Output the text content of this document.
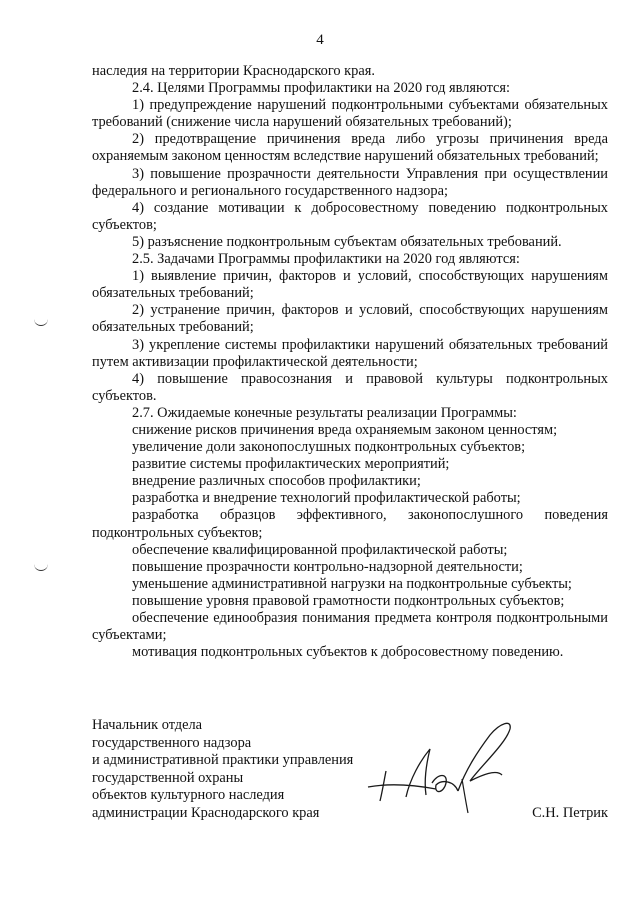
4

наследия на территории Краснодарского края.

2.4. Целями Программы профилактики на 2020 год являются:

1) предупреждение нарушений подконтрольными субъектами обязательных требований (снижение числа нарушений обязательных требований);

2) предотвращение причинения вреда либо угрозы причинения вреда охраняемым законом ценностям вследствие нарушений обязательных требований;

3) повышение прозрачности деятельности Управления при осуществлении федерального и регионального государственного надзора;

4) создание мотивации к добросовестному поведению подконтрольных субъектов;

5) разъяснение подконтрольным субъектам обязательных требований.

2.5. Задачами Программы профилактики на 2020 год являются:

1) выявление причин, факторов и условий, способствующих нарушениям обязательных требований;

2) устранение причин, факторов и условий, способствующих нарушениям обязательных требований;

3) укрепление системы профилактики нарушений обязательных требований путем активизации профилактической деятельности;

4) повышение правосознания и правовой культуры подконтрольных субъектов.

2.7. Ожидаемые конечные результаты реализации Программы:

снижение рисков причинения вреда охраняемым законом ценностям;

увеличение доли законопослушных подконтрольных субъектов;

развитие системы профилактических мероприятий;

внедрение различных способов профилактики;

разработка и внедрение технологий профилактической работы;

разработка образцов эффективного, законопослушного поведения подконтрольных субъектов;

обеспечение квалифицированной профилактической работы;

повышение прозрачности контрольно-надзорной деятельности;

уменьшение административной нагрузки на подконтрольные субъекты;

повышение уровня правовой грамотности подконтрольных субъектов;

обеспечение единообразия понимания предмета контроля подконтрольными субъектами;

мотивация подконтрольных субъектов к добросовестному поведению.

Начальник отдела
государственного надзора
и административной практики управления
государственной охраны
объектов культурного наследия
администрации Краснодарского края	С.Н. Петрик
